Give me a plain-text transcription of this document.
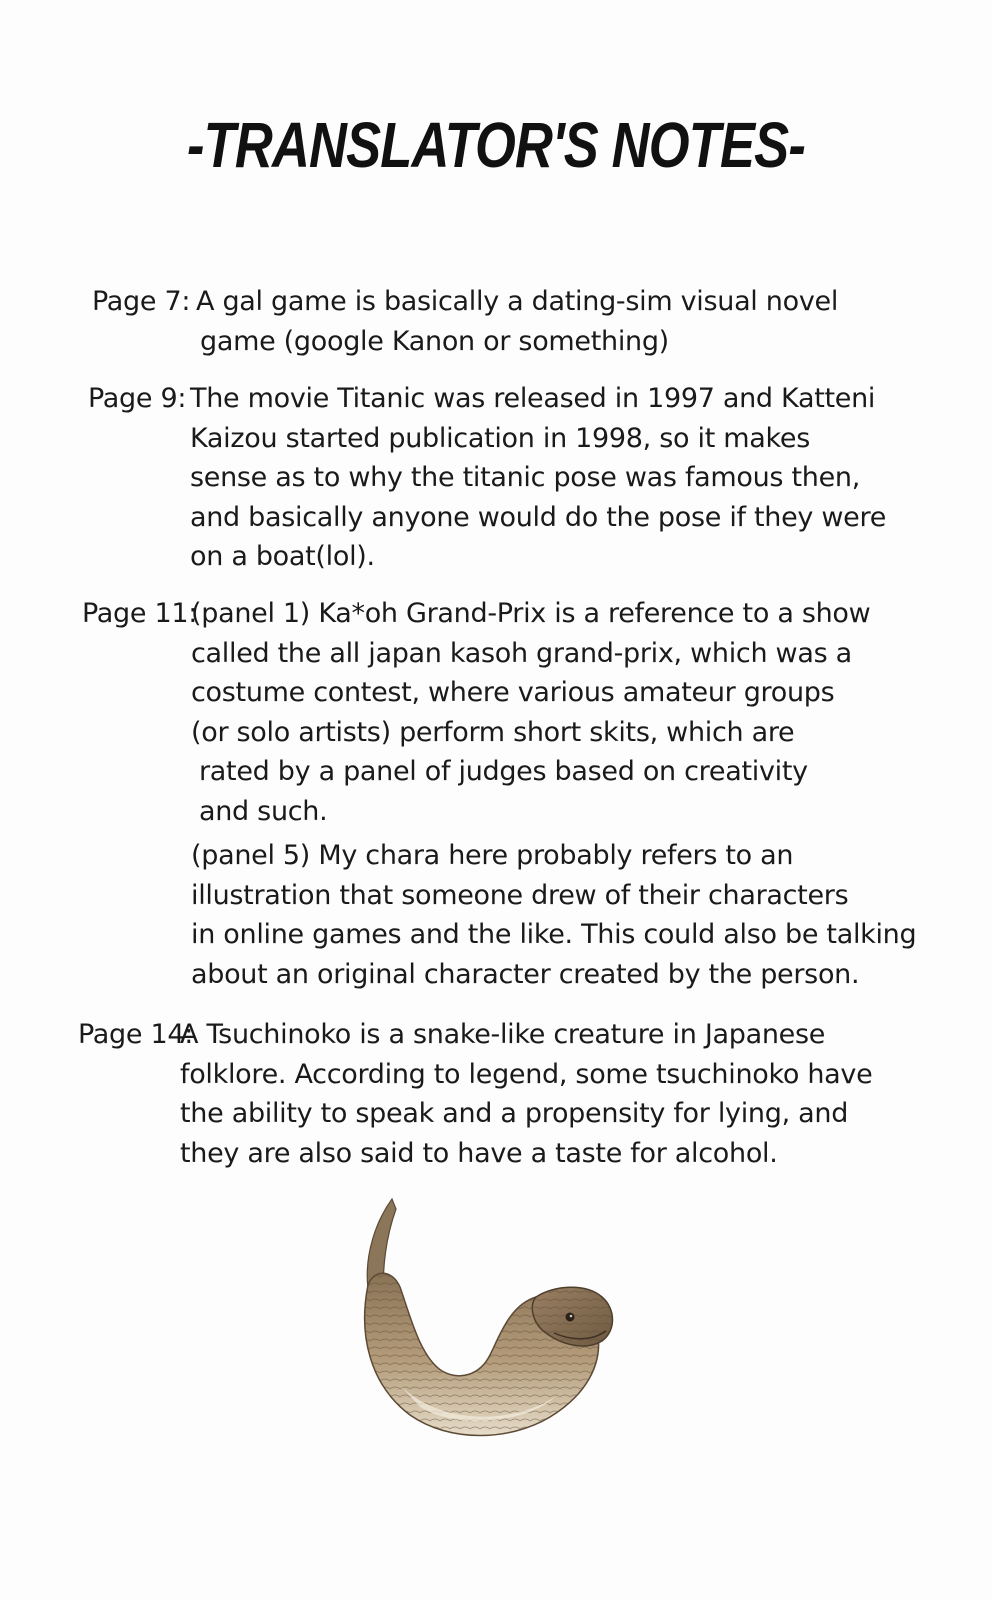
-TRANSLATOR'S NOTES-
Page 7: A gal game is basically a dating-sim visual novel
game (google Kanon or something)
Page 9: The movie Titanic was released in 1997 and Katteni
Kaizou started publication in 1998, so it makes
sense as to why the titanic pose was famous then,
and basically anyone would do the pose if they were
on a boat(lol).
Page 11:
(panel 1) Ka*oh Grand-Prix is a reference to a show
called the all japan kasoh grand-prix, which was a
costume contest, where various amateur groups
(or solo artists) perform short skits, which are
rated by a panel of judges based on creativity
and such.
(panel 5) My chara here probably refers to an
illustration that someone drew of their characters
in online games and the like. This could also be talking
about an original character created by the person.
Page 14:
A Tsuchinoko is a snake-like creature in Japanese
folklore. According to legend, some tsuchinoko have
the ability to speak and a propensity for lying, and
they are also said to have a taste for alcohol.
